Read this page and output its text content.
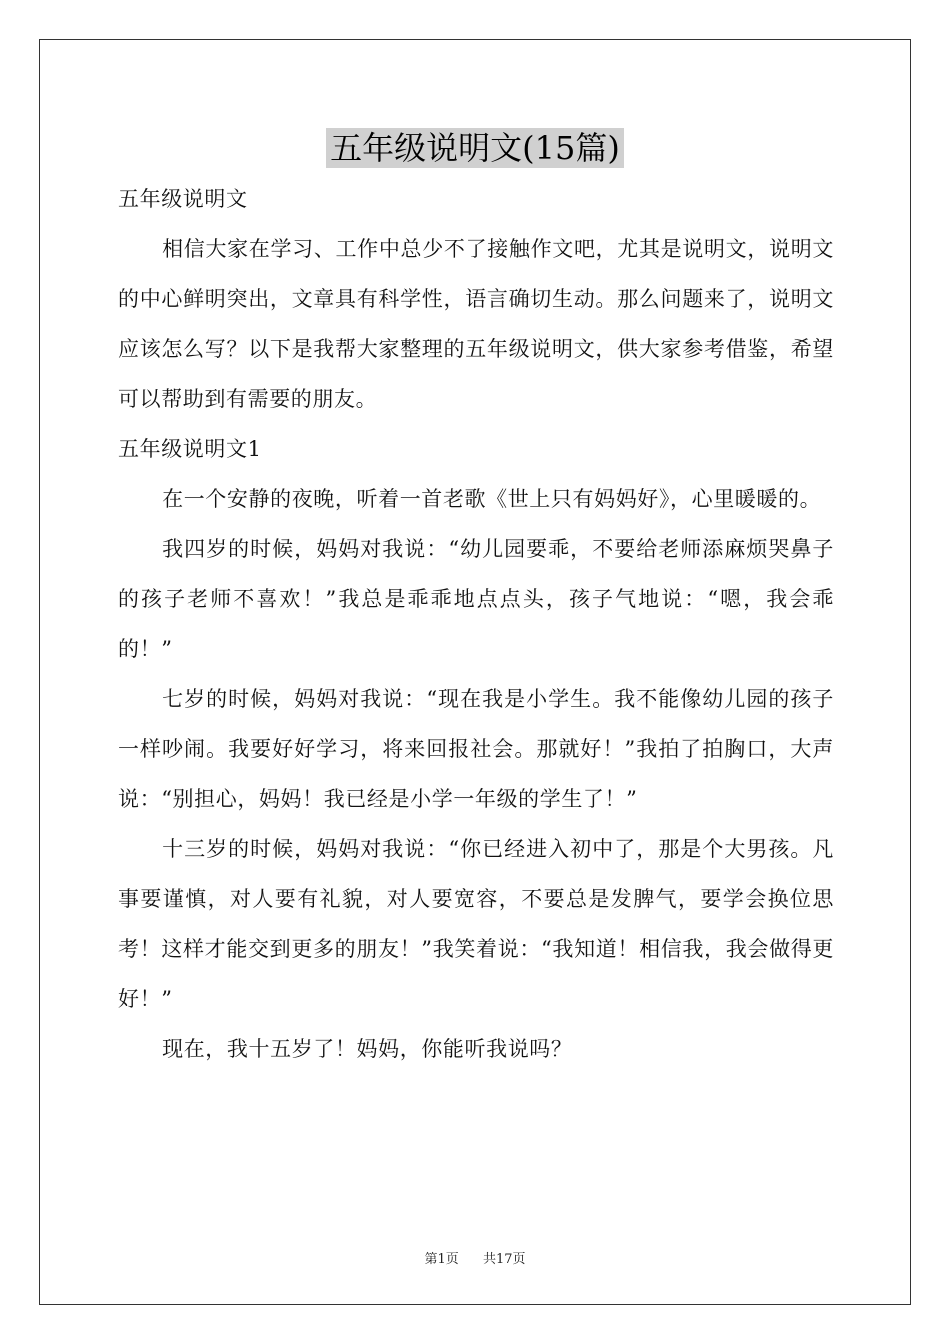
五年级说明文(15篇)

五年级说明文

相信大家在学习、工作中总少不了接触作文吧，尤其是说明文，说明文的中心鲜明突出，文章具有科学性，语言确切生动。那么问题来了，说明文应该怎么写？以下是我帮大家整理的五年级说明文，供大家参考借鉴，希望可以帮助到有需要的朋友。

五年级说明文1

在一个安静的夜晚，听着一首老歌《世上只有妈妈好》，心里暖暖的。

我四岁的时候，妈妈对我说：“幼儿园要乖，不要给老师添麻烦哭鼻子的孩子老师不喜欢！”我总是乖乖地点点头，孩子气地说：“嗯，我会乖的！”

七岁的时候，妈妈对我说：“现在我是小学生。我不能像幼儿园的孩子一样吵闹。我要好好学习，将来回报社会。那就好！”我拍了拍胸口，大声说：“别担心，妈妈！我已经是小学一年级的学生了！”

十三岁的时候，妈妈对我说：“你已经进入初中了，那是个大男孩。凡事要谨慎，对人要有礼貌，对人要宽容，不要总是发脾气，要学会换位思考！这样才能交到更多的朋友！”我笑着说：“我知道！相信我，我会做得更好！”

现在，我十五岁了！妈妈，你能听我说吗？

第1页 共17页
